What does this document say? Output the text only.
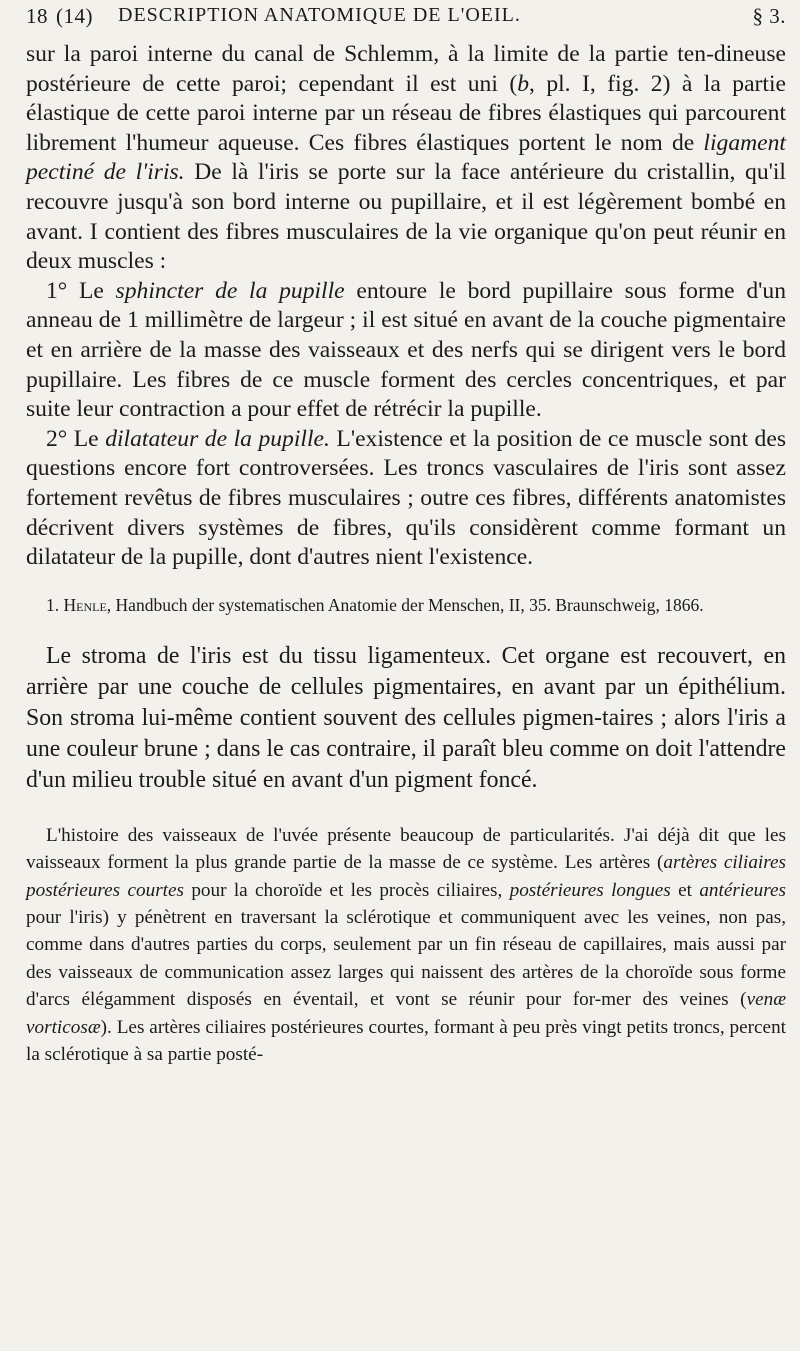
18 (14) DESCRIPTION ANATOMIQUE DE L'OEIL.	§ 3.

sur la paroi interne du canal de Schlemm, à la limite de la partie ten-dineuse postérieure de cette paroi; cependant il est uni (b, pl. I, fig. 2) à la partie élastique de cette paroi interne par un réseau de fibres élastiques qui parcourent librement l'humeur aqueuse. Ces fibres élastiques portent le nom de ligament pectiné de l'iris. De là l'iris se porte sur la face antérieure du cristallin, qu'il recouvre jusqu'à son bord interne ou pupillaire, et il est légèrement bombé en avant. I contient des fibres musculaires de la vie organique qu'on peut réunir en deux muscles :

1° Le sphincter de la pupille entoure le bord pupillaire sous forme d'un anneau de 1 millimètre de largeur ; il est situé en avant de la couche pigmentaire et en arrière de la masse des vaisseaux et des nerfs qui se dirigent vers le bord pupillaire. Les fibres de ce muscle forment des cercles concentriques, et par suite leur contraction a pour effet de rétrécir la pupille.

2° Le dilatateur de la pupille. L'existence et la position de ce muscle sont des questions encore fort controversées. Les troncs vasculaires de l'iris sont assez fortement revêtus de fibres musculaires ; outre ces fibres, différents anatomistes décrivent divers systèmes de fibres, qu'ils considèrent comme formant un dilatateur de la pupille, dont d'autres nient l'existence.

1. Henle, Handbuch der systematischen Anatomie der Menschen, II, 35. Braunschweig, 1866.

Le stroma de l'iris est du tissu ligamenteux. Cet organe est recouvert, en arrière par une couche de cellules pigmentaires, en avant par un épithélium. Son stroma lui-même contient souvent des cellules pigmen-taires ; alors l'iris a une couleur brune ; dans le cas contraire, il paraît bleu comme on doit l'attendre d'un milieu trouble situé en avant d'un pigment foncé.

L'histoire des vaisseaux de l'uvée présente beaucoup de particularités. J'ai déjà dit que les vaisseaux forment la plus grande partie de la masse de ce système. Les artères (artères ciliaires postérieures courtes pour la choroïde et les procès ciliaires, postérieures longues et antérieures pour l'iris) y pénètrent en traversant la sclérotique et communiquent avec les veines, non pas, comme dans d'autres parties du corps, seulement par un fin réseau de capillaires, mais aussi par des vaisseaux de communication assez larges qui naissent des artères de la choroïde sous forme d'arcs élégamment disposés en éventail, et vont se réunir pour for-mer des veines (venæ vorticosæ). Les artères ciliaires postérieures courtes, formant à peu près vingt petits troncs, percent la sclérotique à sa partie posté-
